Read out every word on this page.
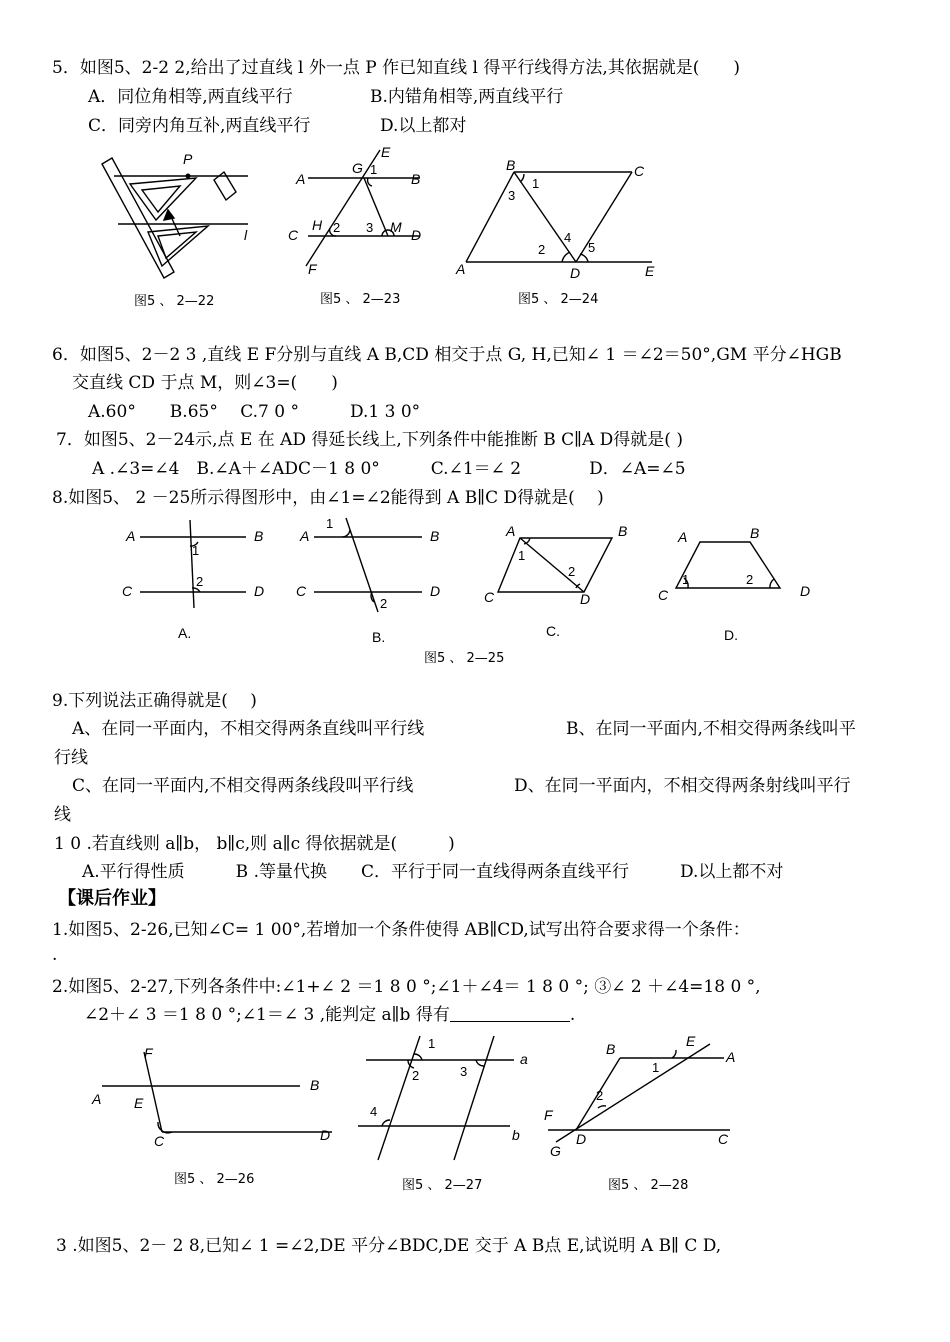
5．如图5、2-2 2,给出了过直线 l 外一点 P 作已知直线 l 得平行线得方法,其依据就是(　　)
A．同位角相等,两直线平行	B.内错角相等,两直线平行
C．同旁内角互补,两直线平行	D.以上都对
P
l
图5 、 2—22
A	B
C	D
E
F
G
H	M
1
2 3
图5 、 2—23
A
B	C
D	E
1
2
3
4
5
图5 、 2—24
6．如图5、2－2 3 ,直线 E F分别与直线 A B,CD 相交于点 G, H,已知∠ 1 ＝∠2＝50°,GM 平分∠HGB
交直线 CD 于点 M，则∠3=(　　)
A.60°　　B.65°　 C.7 0 °　　　D.1 3 0°
7．如图5、2－24示,点 E 在 AD 得延长线上,下列条件中能推断 B C∥A D得就是( )
A .∠3=∠4　B.∠A＋∠ADC－1 8 0°　　　C.∠1＝∠ 2　　　　D．∠A=∠5
8.如图5、 2 －25所示得图形中，由∠1=∠2能得到 A B∥C D得就是(　 )
A	B
C	D
1
2
A.
A	B
C	D
1
2
B.
A	B
C	D
1
2
C.
A	B
C	D
1	2
D.
图5 、 2—25
9.下列说法正确得就是(　 )
A、在同一平面内，不相交得两条直线叫平行线	B、在同一平面内,不相交得两条线叫平
行线
C、在同一平面内,不相交得两条线段叫平行线	D、在同一平面内，不相交得两条射线叫平行
线
1 0 .若直线则 a∥b， b∥c,则 a∥c 得依据就是(　　　)
A.平行得性质　　　B .等量代换　　C．平行于同一直线得两条直线平行　　　D.以上都不对
【课后作业】
1.如图5、2-26,已知∠C= 1 00°,若增加一个条件使得 AB∥CD,试写出符合要求得一个条件：
.
2.如图5、2-27,下列各条件中:∠1+∠ 2 ＝1 8 0 °;∠1＋∠4＝ 1 8 0 °; ③∠ 2 ＋∠4=18 0 °,
∠2＋∠ 3 ＝1 8 0 °;∠1＝∠ 3 ,能判定 a∥b 得有	.
F
A
B
E
C	D
图5 、 2—26
a
b
1
2	3
4
图5 、 2—27
B	E
A
F
D	C
G
1
2
图5 、 2—28
3 .如图5、2－ 2 8,已知∠ 1 =∠2,DE 平分∠BDC,DE 交于 A B点 E,试说明 A B∥ C D,
